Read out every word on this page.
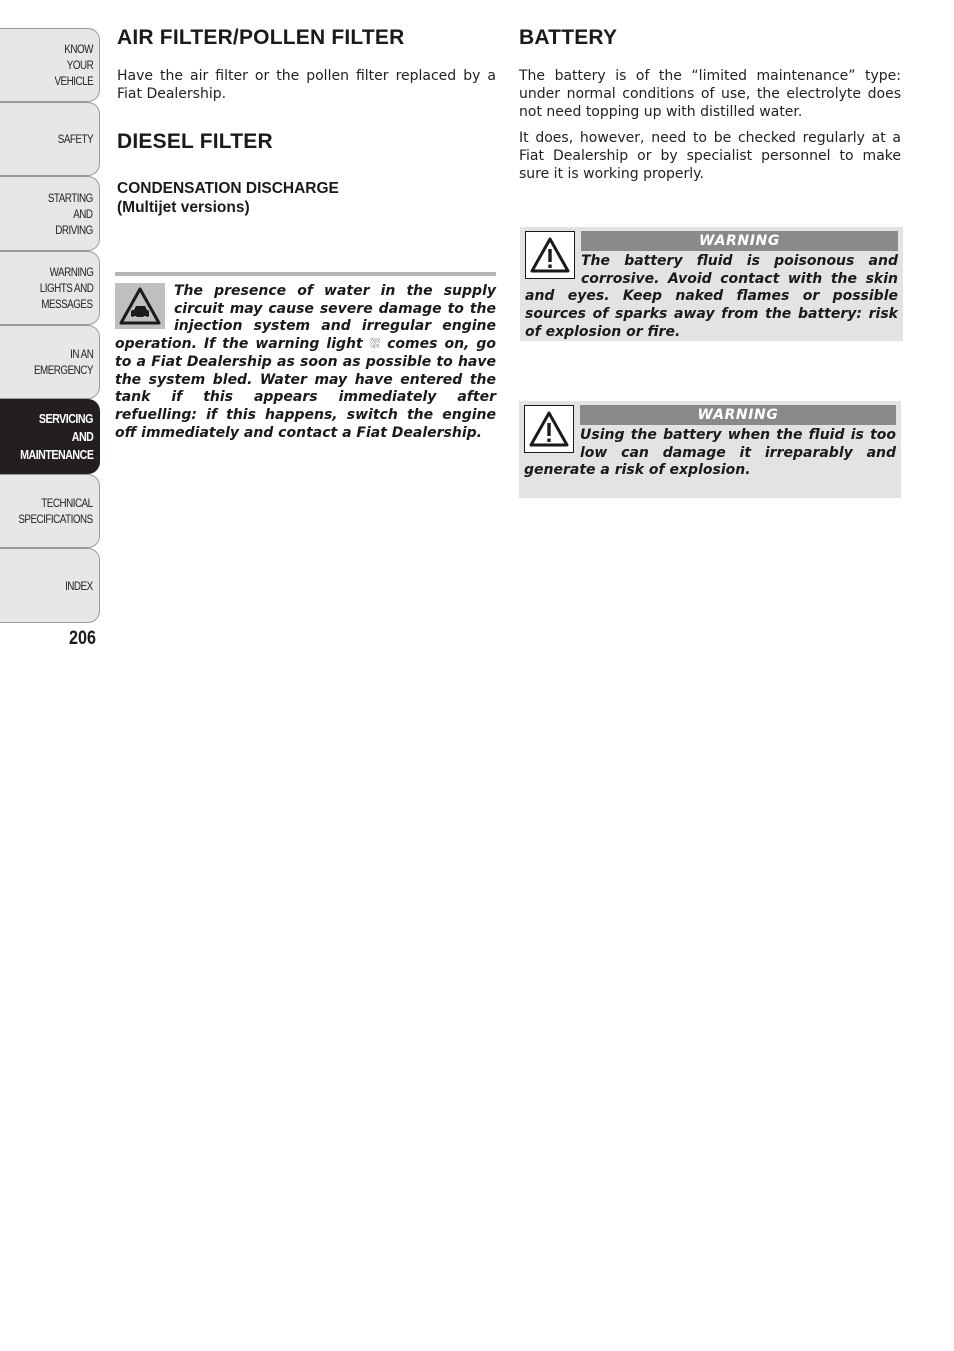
KNOW
YOUR
VEHICLE
SAFETY
STARTING
AND
DRIVING
WARNING
LIGHTS AND
MESSAGES
IN AN
EMERGENCY
SERVICING
AND
MAINTENANCE
TECHNICAL
SPECIFICATIONS
INDEX
206
AIR FILTER/POLLEN FILTER

Have the air filter or the pollen filter replaced by a Fiat Dealership.

DIESEL FILTER
CONDENSATION DISCHARGE
(Multijet versions)

The presence of water in the supply circuit may cause severe damage to the injection system and irregular engine operation. If the warning light ⛆ comes on, go to a Fiat Dealership as soon as possible to have the system bled. Water may have entered the tank if this appears immediately after refuelling: if this happens, switch the engine off immediately and contact a Fiat Dealership.

BATTERY

The battery is of the “limited maintenance” type: under normal conditions of use, the electrolyte does not need topping up with distilled water.

It does, however, need to be checked regularly at a Fiat Dealership or by specialist personnel to make sure it is working properly.

WARNING

The battery fluid is poisonous and corrosive. Avoid contact with the skin and eyes. Keep naked flames or possible sources of sparks away from the battery: risk of explosion or fire.

WARNING

Using the battery when the fluid is too low can damage it irreparably and generate a risk of explosion.
